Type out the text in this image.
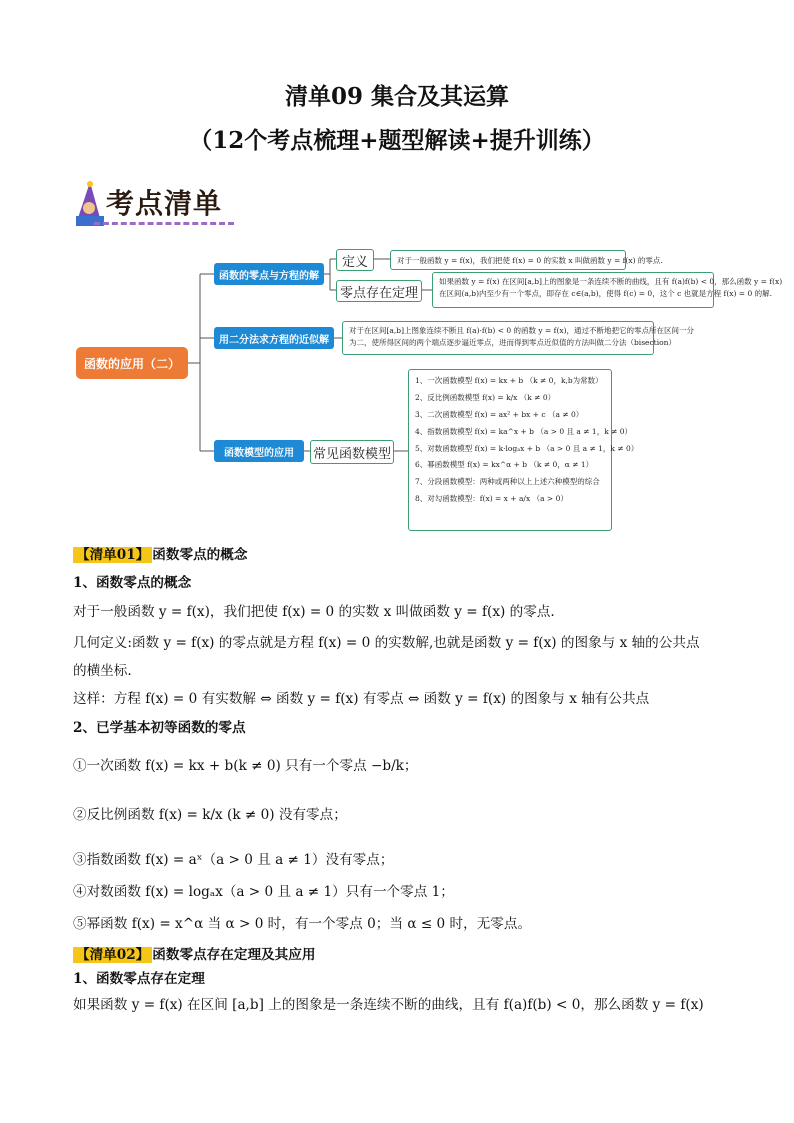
清单09 集合及其运算
（12个考点梳理+题型解读+提升训练）
考点清单
函数的应用（二）
函数的零点与方程的解
用二分法求方程的近似解
函数模型的应用
定义
零点存在定理
常见函数模型
对于一般函数 y = f(x)，我们把使 f(x) = 0 的实数 x 叫做函数 y = f(x) 的零点.
如果函数 y = f(x) 在区间[a,b]上的图象是一条连续不断的曲线，且有 f(a)f(b) < 0，那么函数 y = f(x)
在区间(a,b)内至少有一个零点，即存在 c∈(a,b)，使得 f(c) = 0，这个 c 也就是方程 f(x) = 0 的解.
对于在区间[a,b]上图象连续不断且 f(a)·f(b) < 0 的函数 y = f(x)，通过不断地把它的零点所在区间一分
为二，使所得区间的两个端点逐步逼近零点，进而得到零点近似值的方法叫做二分法（bisection）
1、一次函数模型 f(x) = kx + b （k ≠ 0，k,b为常数）
2、反比例函数模型 f(x) = k/x （k ≠ 0）
3、二次函数模型 f(x) = ax² + bx + c （a ≠ 0）
4、指数函数模型 f(x) = ka^x + b （a > 0 且 a ≠ 1，k ≠ 0）
5、对数函数模型 f(x) = k·logₐx + b （a > 0 且 a ≠ 1，k ≠ 0）
6、幂函数模型 f(x) = kx^α + b （k ≠ 0，α ≠ 1）
7、分段函数模型：两种或两种以上上述六种模型的综合
8、对勾函数模型：f(x) = x + a/x （a > 0）
【清单01】 函数零点的概念
1、函数零点的概念
对于一般函数 y = f(x)，我们把使 f(x) = 0 的实数 x 叫做函数 y = f(x) 的零点.
几何定义:函数 y = f(x) 的零点就是方程 f(x) = 0 的实数解,也就是函数 y = f(x) 的图象与 x 轴的公共点
的横坐标.
这样：方程 f(x) = 0 有实数解 ⇔ 函数 y = f(x) 有零点 ⇔ 函数 y = f(x) 的图象与 x 轴有公共点
2、已学基本初等函数的零点
①一次函数 f(x) = kx + b(k ≠ 0) 只有一个零点 −b/k；
②反比例函数 f(x) = k/x (k ≠ 0) 没有零点；
③指数函数 f(x) = aˣ（a > 0 且 a ≠ 1）没有零点；
④对数函数 f(x) = logₐx（a > 0 且 a ≠ 1）只有一个零点 1；
⑤幂函数 f(x) = x^α 当 α > 0 时，有一个零点 0；当 α ≤ 0 时，无零点。
【清单02】 函数零点存在定理及其应用
1、函数零点存在定理
如果函数 y = f(x) 在区间 [a,b] 上的图象是一条连续不断的曲线，且有 f(a)f(b) < 0，那么函数 y = f(x)
